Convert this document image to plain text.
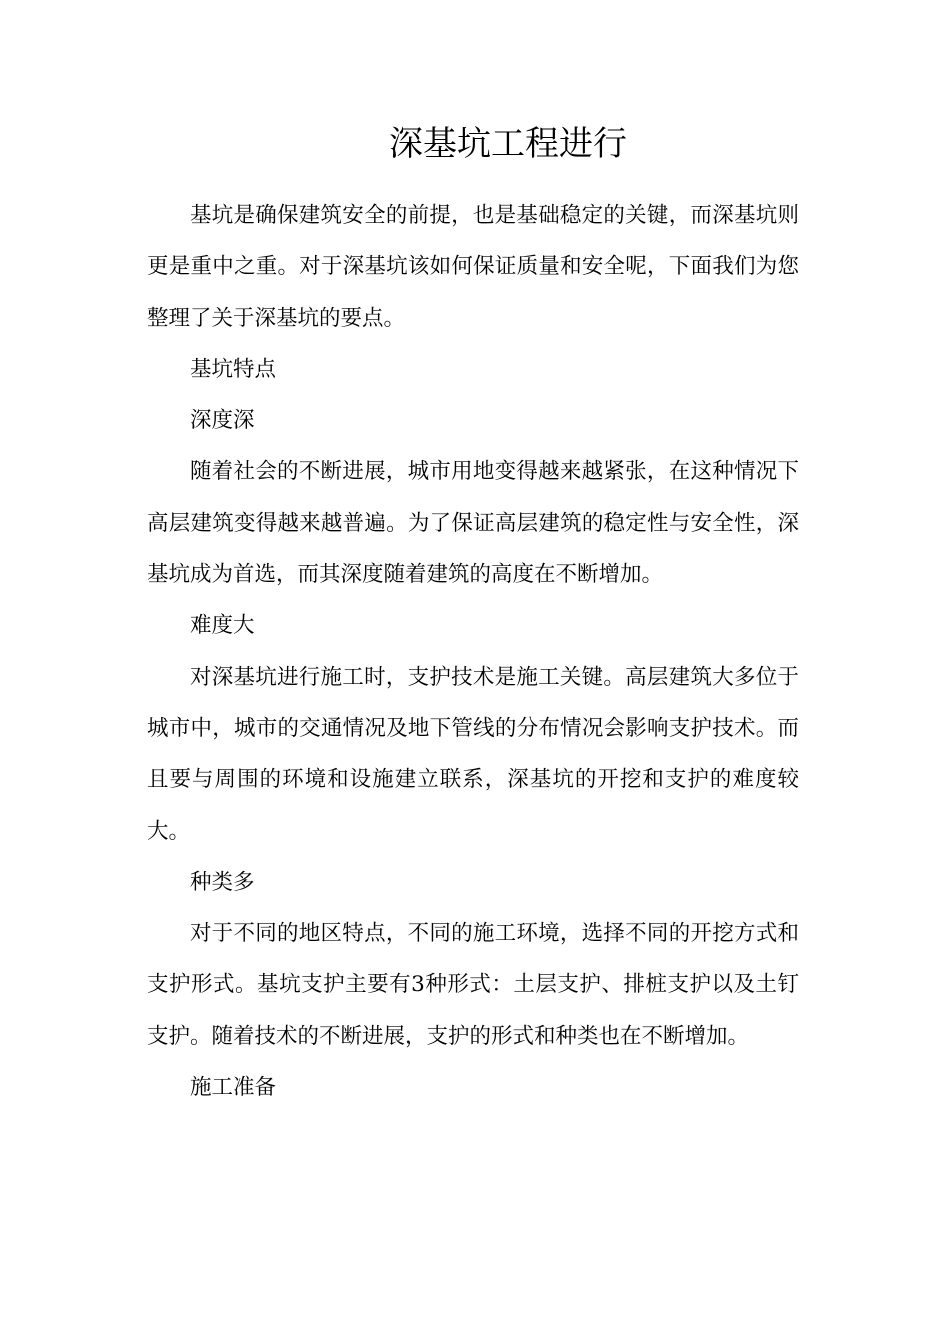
深基坑工程进行

基坑是确保建筑安全的前提，也是基础稳定的关键，而深基坑则更是重中之重。对于深基坑该如何保证质量和安全呢，下面我们为您整理了关于深基坑的要点。

基坑特点

深度深

随着社会的不断进展，城市用地变得越来越紧张，在这种情况下高层建筑变得越来越普遍。为了保证高层建筑的稳定性与安全性，深基坑成为首选，而其深度随着建筑的高度在不断增加。

难度大

对深基坑进行施工时，支护技术是施工关键。高层建筑大多位于城市中，城市的交通情况及地下管线的分布情况会影响支护技术。而且要与周围的环境和设施建立联系，深基坑的开挖和支护的难度较大。

种类多

对于不同的地区特点，不同的施工环境，选择不同的开挖方式和支护形式。基坑支护主要有3种形式：土层支护、排桩支护以及土钉支护。随着技术的不断进展，支护的形式和种类也在不断增加。

施工准备
